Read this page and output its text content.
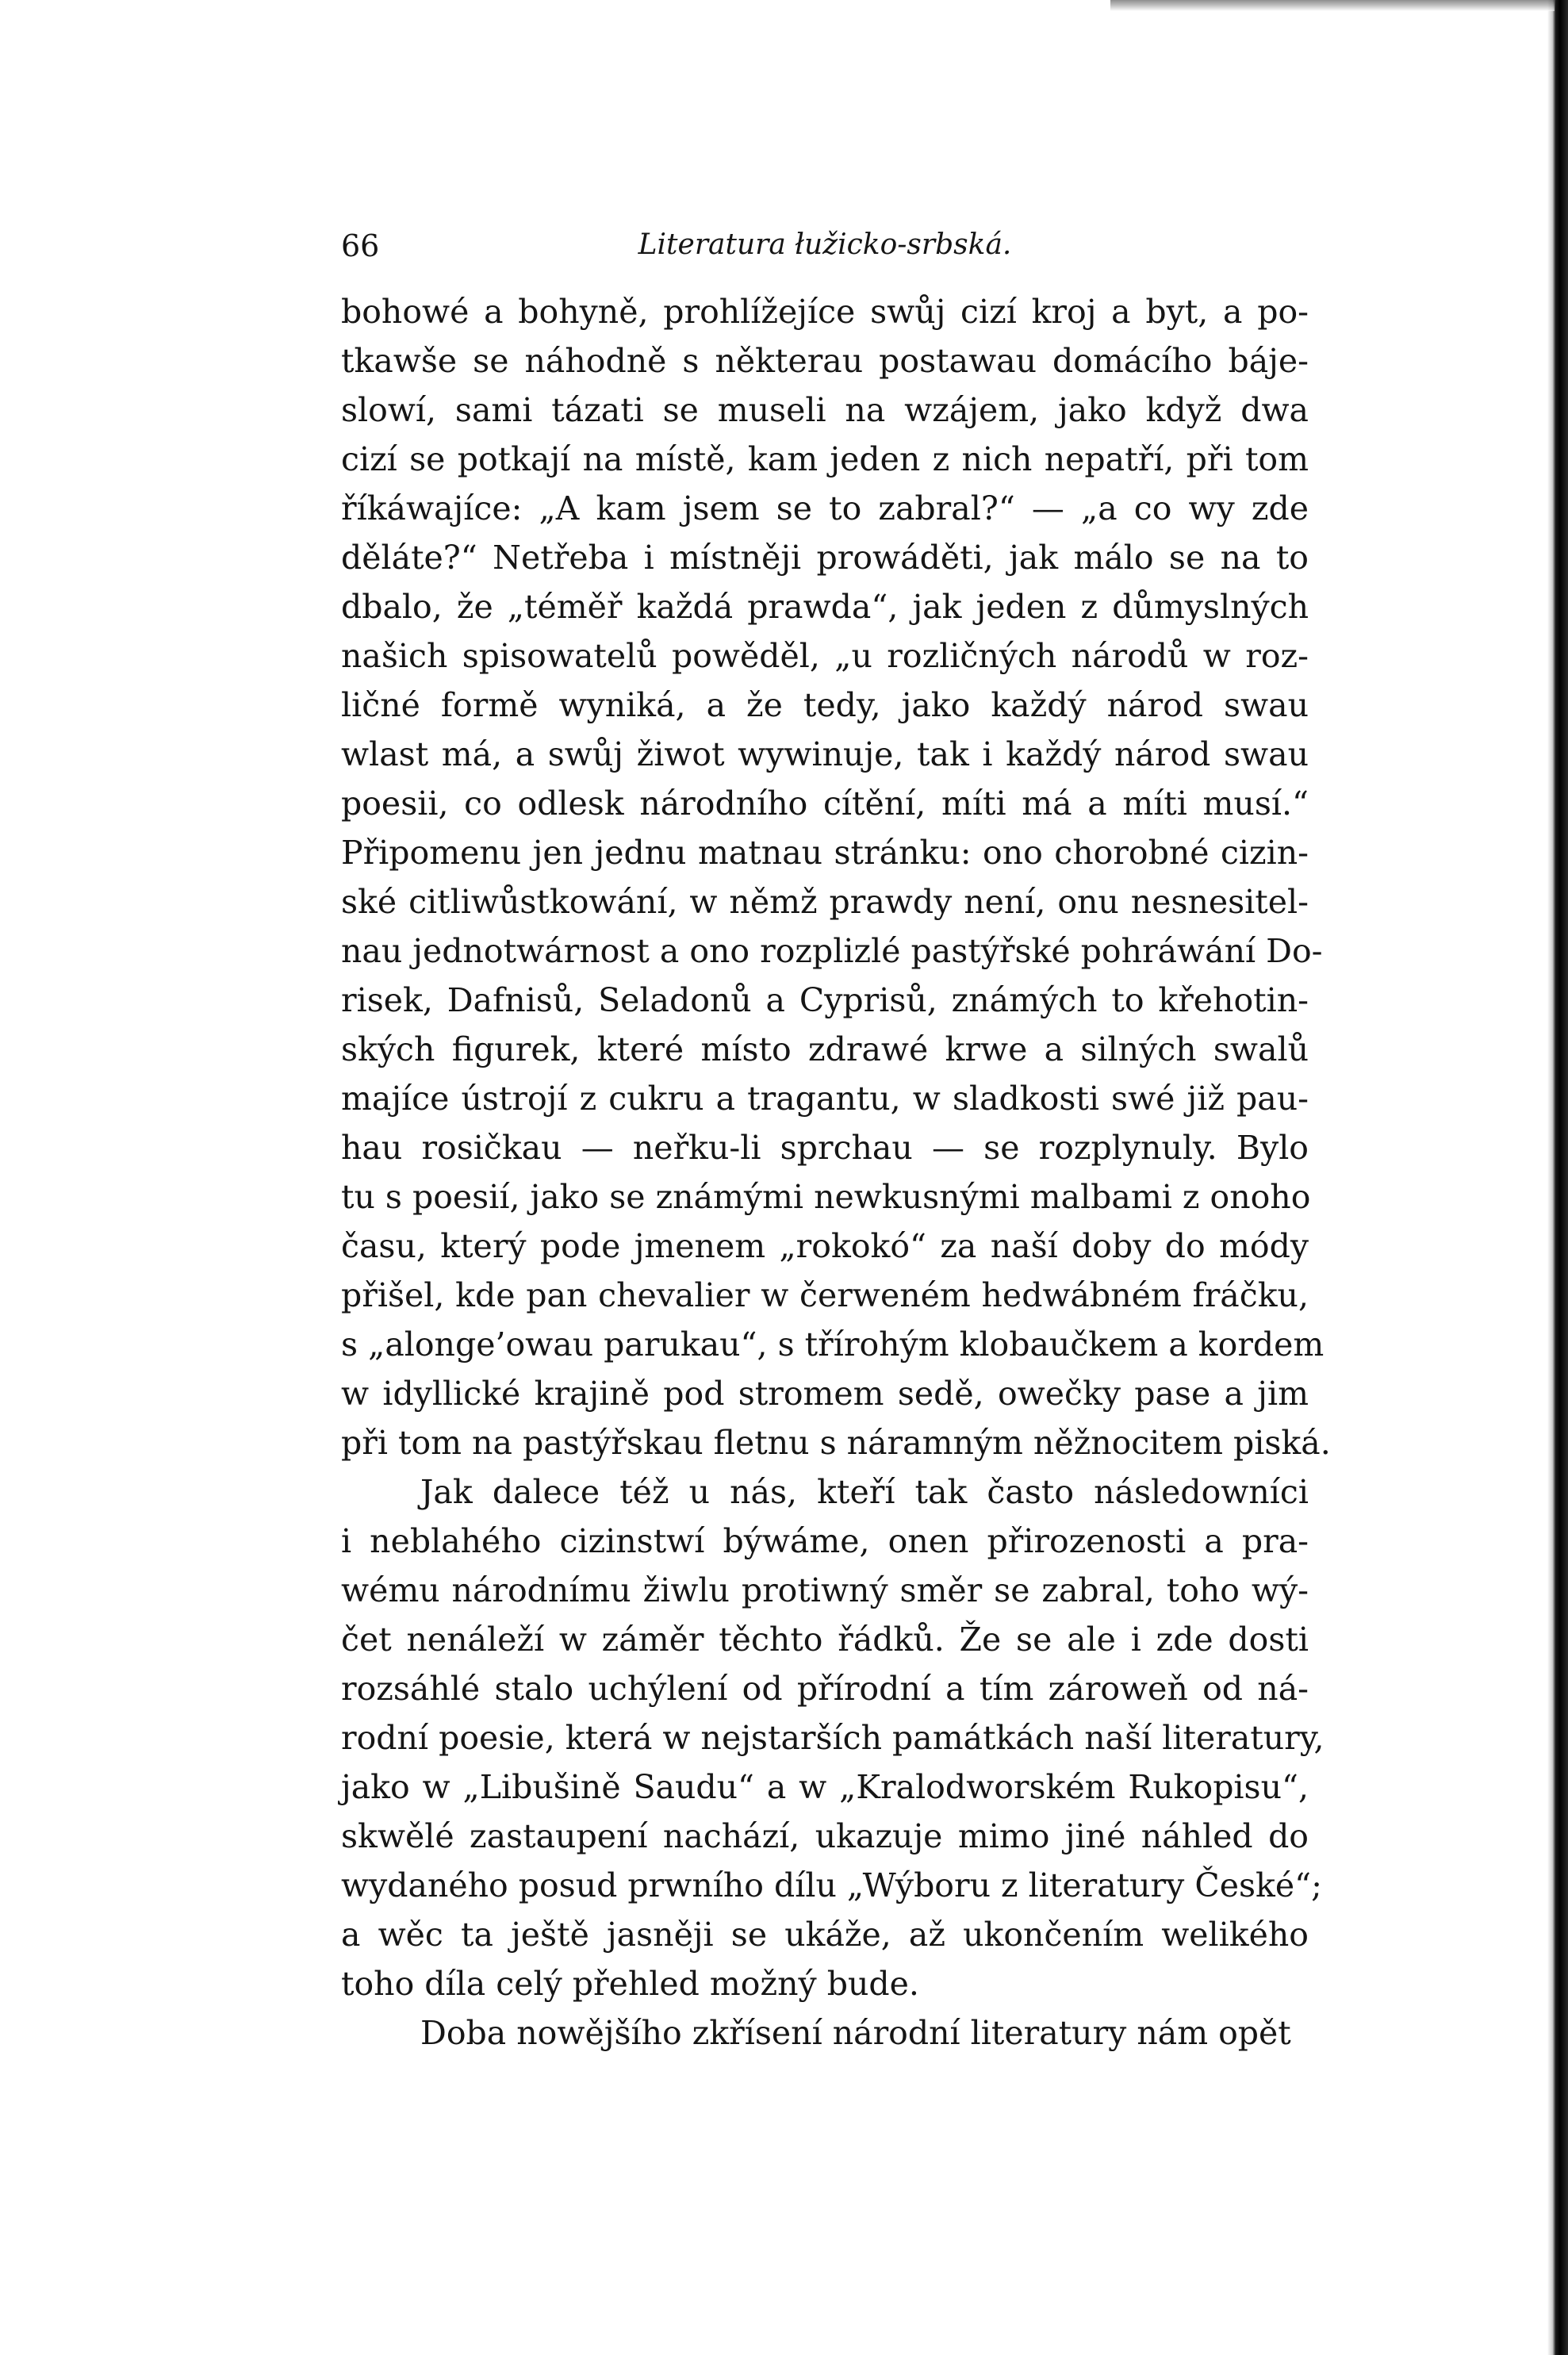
66	Literatura łužicko-srbská.
bohowé a bohyně, prohlížejíce swůj cizí kroj a byt, a po-
tkawše se náhodně s některau postawau domácího báje-
slowí, sami tázati se museli na wzájem, jako když dwa
cizí se potkají na místě, kam jeden z nich nepatří, při tom
říkáwajíce: „A kam jsem se to zabral?“ — „a co wy zde
děláte?“ Netřeba i místněji prowáděti, jak málo se na to
dbalo, že „téměř každá prawda“, jak jeden z důmyslných
našich spisowatelů powěděl, „u rozličných národů w roz-
ličné formě wyniká, a že tedy, jako každý národ swau
wlast má, a swůj žiwot wywinuje, tak i každý národ swau
poesii, co odlesk národního cítění, míti má a míti musí.“
Připomenu jen jednu matnau stránku: ono chorobné cizin-
ské citliwůstkowání, w němž prawdy není, onu nesnesitel-
nau jednotwárnost a ono rozplizlé pastýřské pohráwání Do-
risek, Dafnisů, Seladonů a Cyprisů, známých to křehotin-
ských figurek, které místo zdrawé krwe a silných swalů
majíce ústrojí z cukru a tragantu, w sladkosti swé již pau-
hau rosičkau — neřku-li sprchau — se rozplynuly. Bylo
tu s poesií, jako se známými newkusnými malbami z onoho
času, který pode jmenem „rokokó“ za naší doby do módy
přišel, kde pan chevalier w čerweném hedwábném fráčku,
s „alonge’owau parukau“, s třírohým klobaučkem a kordem
w idyllické krajině pod stromem sedě, owečky pase a jim
při tom na pastýřskau fletnu s náramným něžnocitem piská.
Jak dalece též u nás, kteří tak často následowníci
i neblahého cizinstwí býwáme, onen přirozenosti a pra-
wému národnímu žiwlu protiwný směr se zabral, toho wý-
čet nenáleží w záměr těchto řádků. Že se ale i zde dosti
rozsáhlé stalo uchýlení od přírodní a tím zároweň od ná-
rodní poesie, která w nejstarších památkách naší literatury,
jako w „Libušině Saudu“ a w „Kralodworském Rukopisu“,
skwělé zastaupení nachází, ukazuje mimo jiné náhled do
wydaného posud prwního dílu „Wýboru z literatury České“;
a wěc ta ještě jasněji se ukáže, až ukončením welikého
toho díla celý přehled možný bude.
Doba nowějšího zkřísení národní literatury nám opět
